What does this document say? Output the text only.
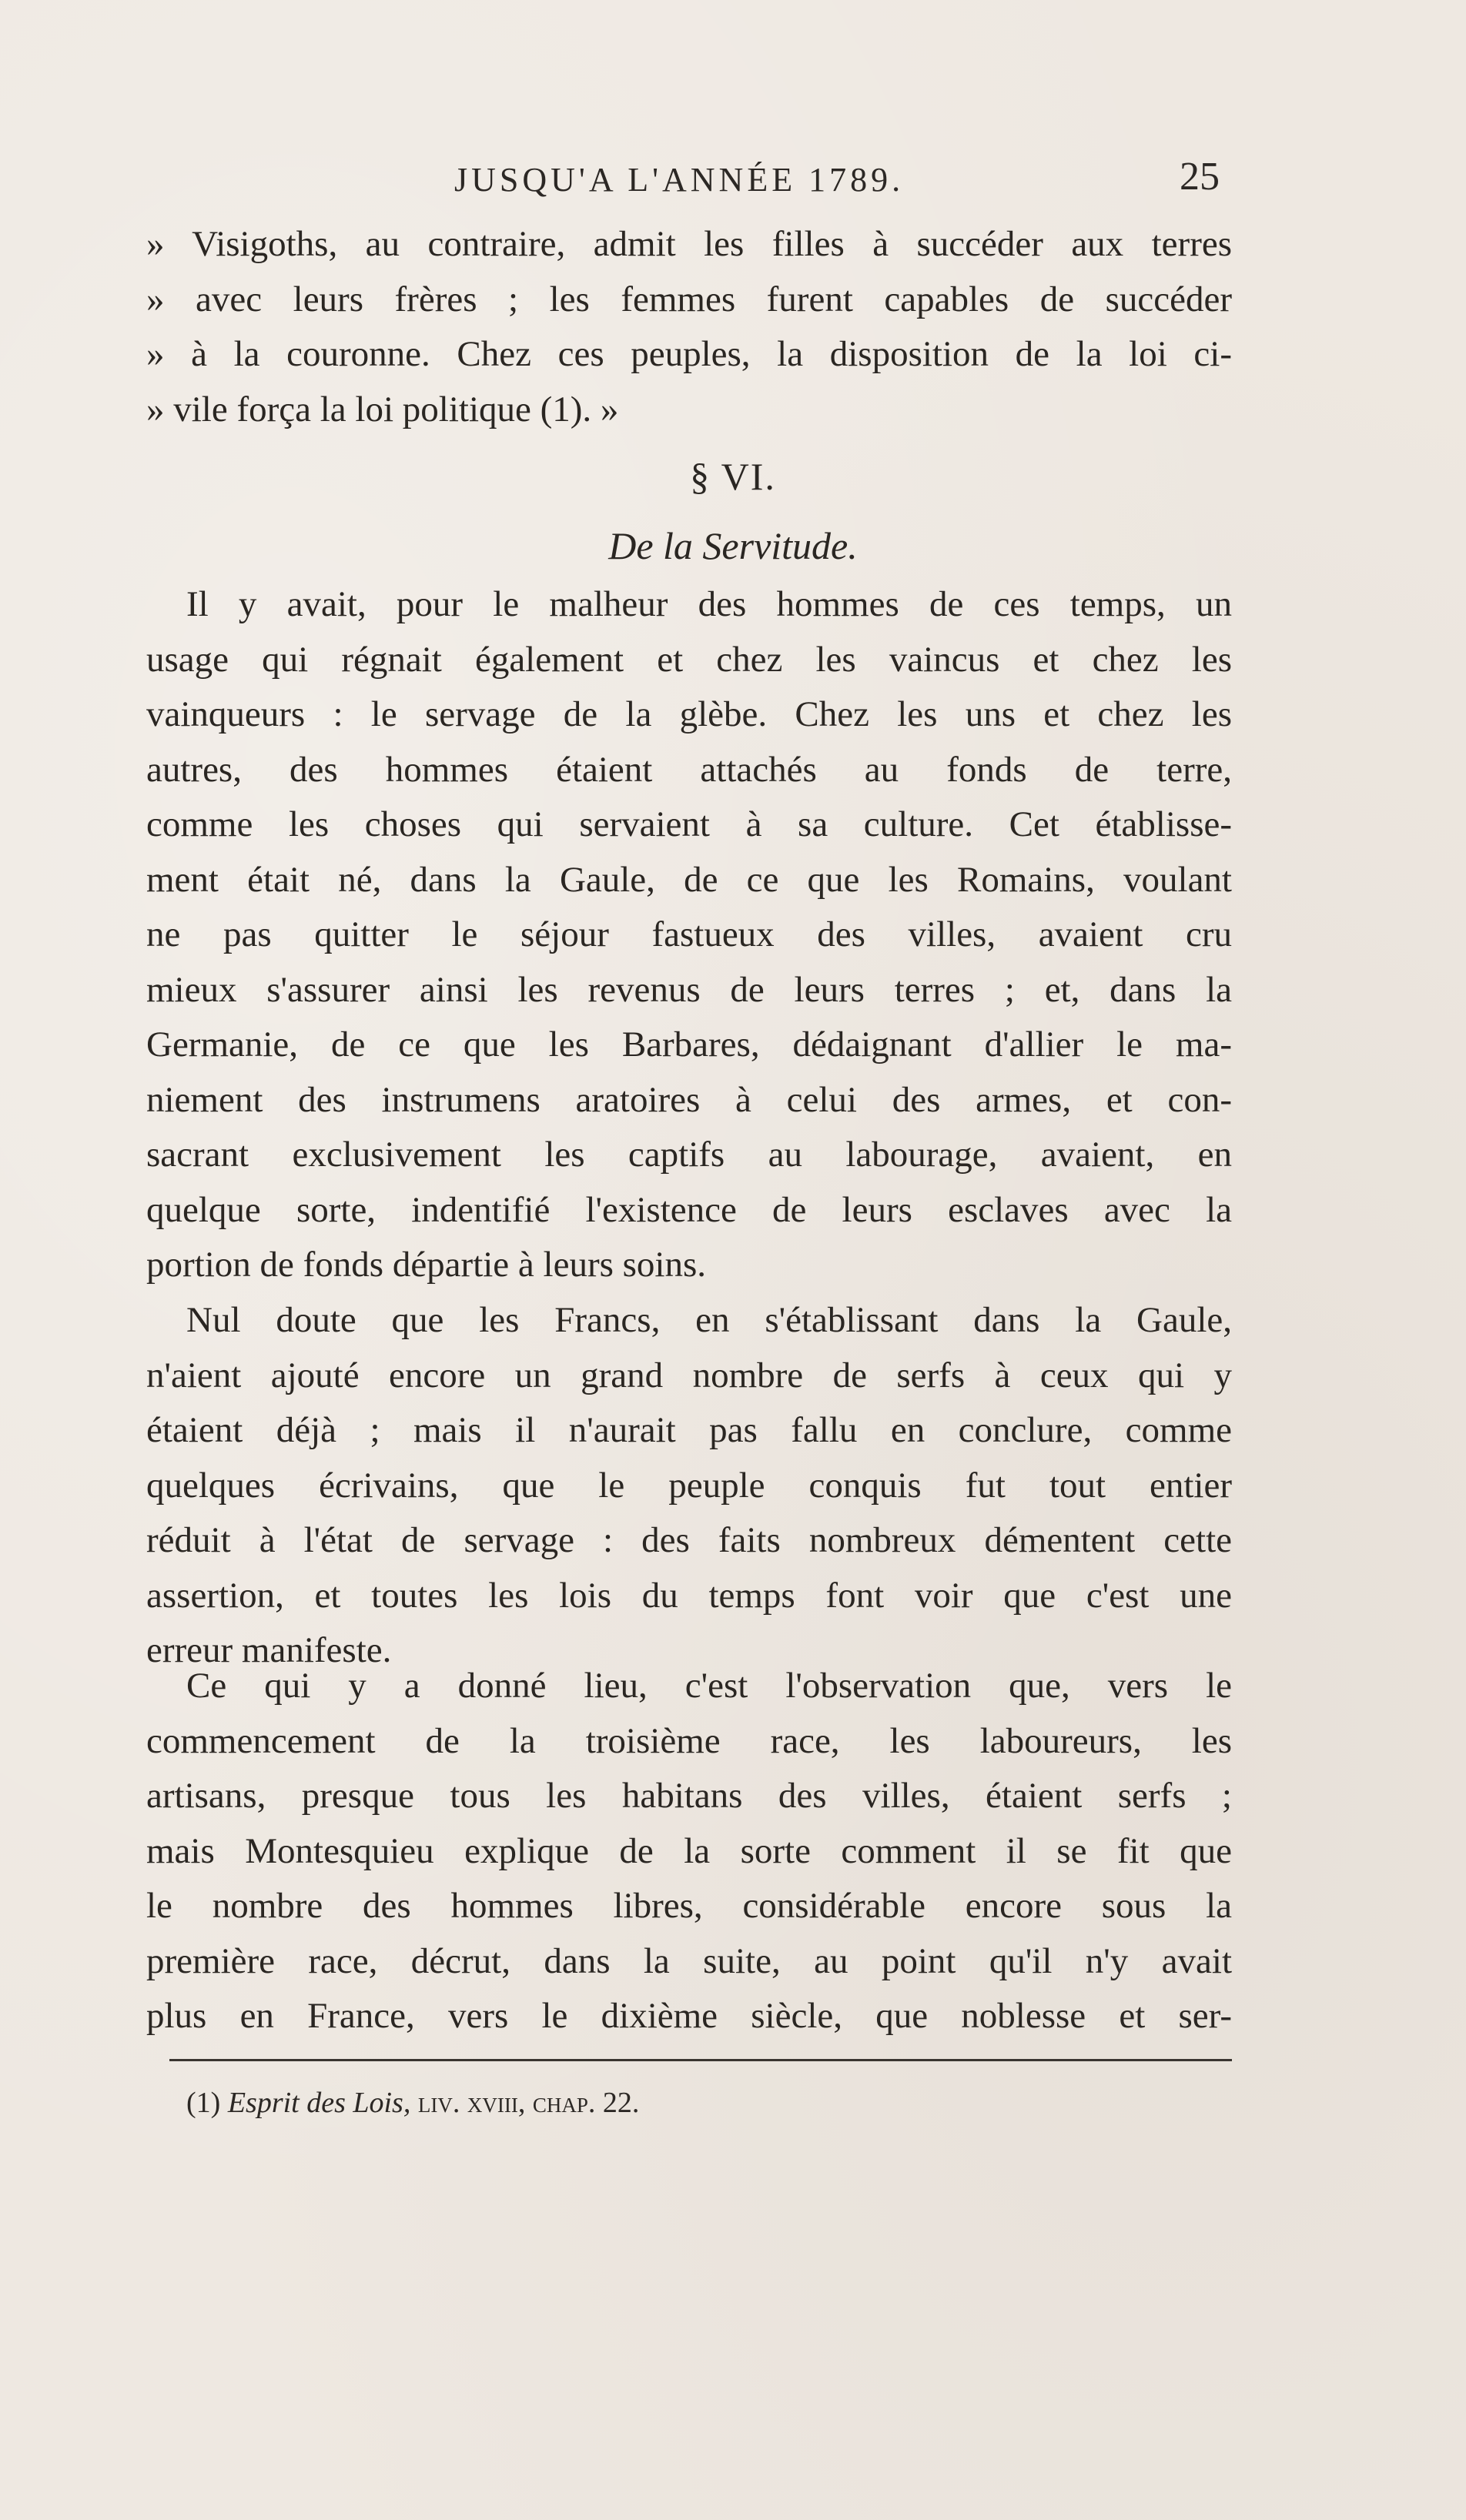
JUSQU'A L'ANNÉE 1789.	25
» Visigoths, au contraire, admit les filles à succéder aux terres
» avec leurs frères ; les femmes furent capables de succéder
» à la couronne. Chez ces peuples, la disposition de la loi ci-
» vile força la loi politique (1). »
§ VI.
De la Servitude.
Il y avait, pour le malheur des hommes de ces temps, un
usage qui régnait également et chez les vaincus et chez les
vainqueurs : le servage de la glèbe. Chez les uns et chez les
autres, des hommes étaient attachés au fonds de terre,
comme les choses qui servaient à sa culture. Cet établisse-
ment était né, dans la Gaule, de ce que les Romains, voulant
ne pas quitter le séjour fastueux des villes, avaient cru
mieux s'assurer ainsi les revenus de leurs terres ; et, dans la
Germanie, de ce que les Barbares, dédaignant d'allier le ma-
niement des instrumens aratoires à celui des armes, et con-
sacrant exclusivement les captifs au labourage, avaient, en
quelque sorte, indentifié l'existence de leurs esclaves avec la
portion de fonds départie à leurs soins.
Nul doute que les Francs, en s'établissant dans la Gaule,
n'aient ajouté encore un grand nombre de serfs à ceux qui y
étaient déjà ; mais il n'aurait pas fallu en conclure, comme
quelques écrivains, que le peuple conquis fut tout entier
réduit à l'état de servage : des faits nombreux démentent cette
assertion, et toutes les lois du temps font voir que c'est une
erreur manifeste.
Ce qui y a donné lieu, c'est l'observation que, vers le
commencement de la troisième race, les laboureurs, les
artisans, presque tous les habitans des villes, étaient serfs ;
mais Montesquieu explique de la sorte comment il se fit que
le nombre des hommes libres, considérable encore sous la
première race, décrut, dans la suite, au point qu'il n'y avait
plus en France, vers le dixième siècle, que noblesse et ser-
(1) Esprit des Lois, liv. xviii, chap. 22.
